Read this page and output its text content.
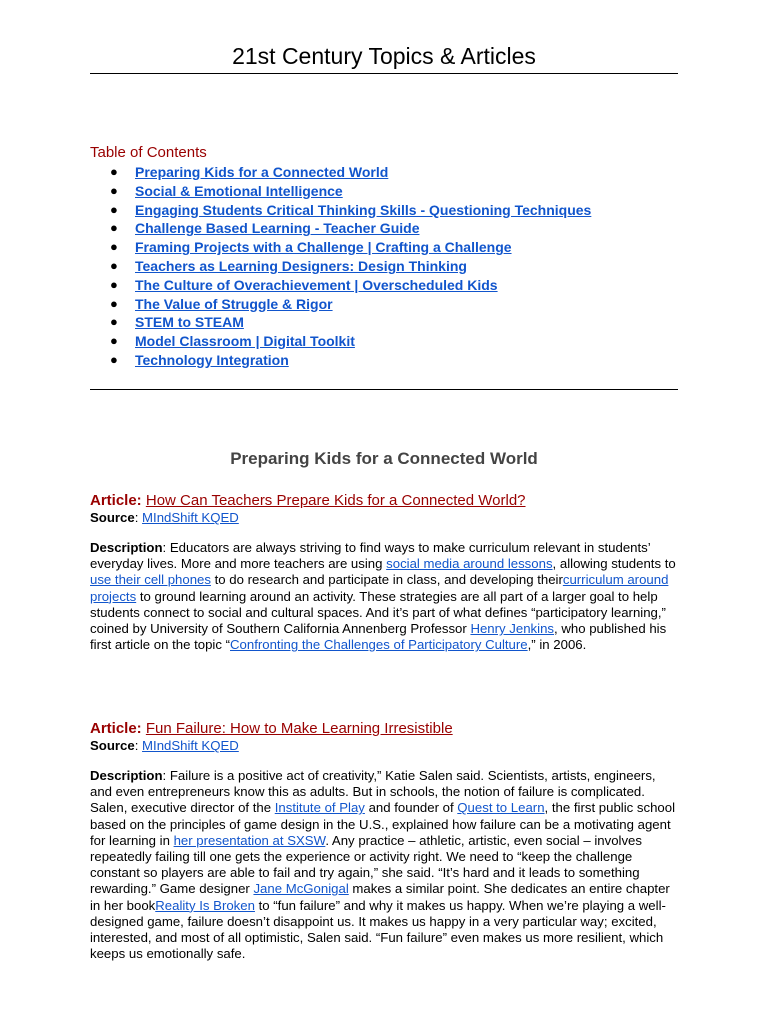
21st Century Topics & Articles
Table of Contents
● Preparing Kids for a Connected World
● Social & Emotional Intelligence
● Engaging Students Critical Thinking Skills - Questioning Techniques
● Challenge Based Learning - Teacher Guide
● Framing Projects with a Challenge | Crafting a Challenge
● Teachers as Learning Designers: Design Thinking
● The Culture of Overachievement | Overscheduled Kids
● The Value of Struggle & Rigor
● STEM to STEAM
● Model Classroom | Digital Toolkit
● Technology Integration
Preparing Kids for a Connected World
Article: How Can Teachers Prepare Kids for a Connected World?
Source: MIndShift KQED

Description: Educators are always striving to find ways to make curriculum relevant in students’ everyday lives. More and more teachers are using social media around lessons, allowing students to use their cell phones to do research and participate in class, and developing theircurriculum around projects to ground learning around an activity. These strategies are all part of a larger goal to help students connect to social and cultural spaces. And it’s part of what defines “participatory learning,” coined by University of Southern California Annenberg Professor Henry Jenkins, who published his first article on the topic “Confronting the Challenges of Participatory Culture,” in 2006.

Article: Fun Failure: How to Make Learning Irresistible
Source: MIndShift KQED

Description: Failure is a positive act of creativity,” Katie Salen said. Scientists, artists, engineers, and even entrepreneurs know this as adults. But in schools, the notion of failure is complicated. Salen, executive director of the Institute of Play and founder of Quest to Learn, the first public school based on the principles of game design in the U.S., explained how failure can be a motivating agent for learning in her presentation at SXSW. Any practice – athletic, artistic, even social – involves repeatedly failing till one gets the experience or activity right. We need to “keep the challenge constant so players are able to fail and try again,” she said. “It’s hard and it leads to something rewarding.” Game designer Jane McGonigal makes a similar point. She dedicates an entire chapter in her bookReality Is Broken to “fun failure” and why it makes us happy. When we’re playing a well-designed game, failure doesn’t disappoint us. It makes us happy in a very particular way; excited, interested, and most of all optimistic, Salen said. “Fun failure” even makes us more resilient, which keeps us emotionally safe.
